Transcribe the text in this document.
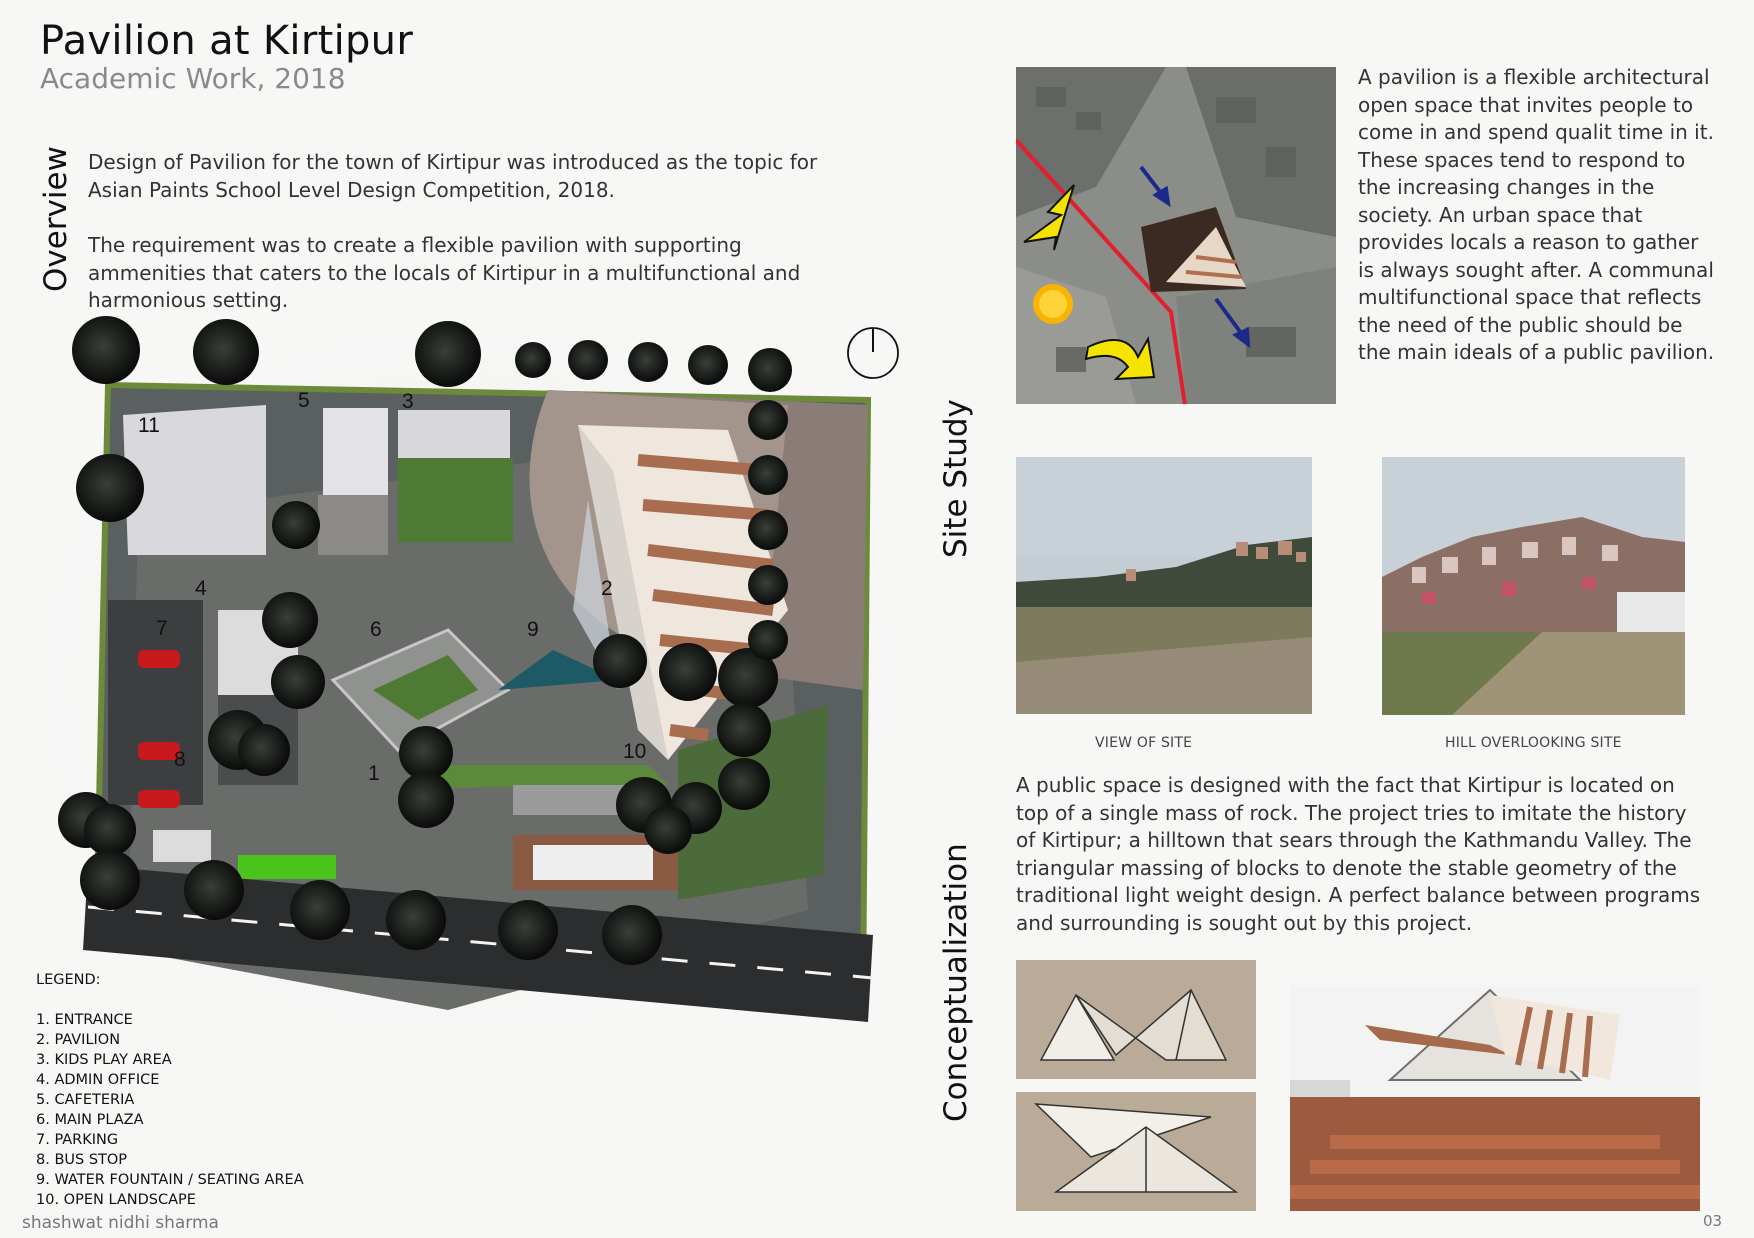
Pavilion at Kirtipur
Academic Work, 2018
Overview
Site Study
Conceptualization
Design of Pavilion for the town of Kirtipur was introduced as the topic for Asian Paints School Level Design Competition, 2018.
The requirement was to create a flexible pavilion with supporting ammenities that caters to the locals of Kirtipur in a multifunctional and harmonious setting.
1
2
3
4
5
6
7
8
9
10
11
LEGEND:
1. ENTRANCE
2. PAVILION
3. KIDS PLAY AREA
4. ADMIN OFFICE
5. CAFETERIA
6. MAIN PLAZA
7. PARKING
8. BUS STOP
9. WATER FOUNTAIN / SEATING AREA
10. OPEN LANDSCAPE
shashwat nidhi sharma	03
A pavilion is a flexible architectural open space that invites people to come in and spend qualit time in it. These spaces tend to respond to the increasing changes in the society. An urban space that provides locals a reason to gather is always sought after. A communal multifunctional space that reflects the need of the public should be the main ideals of a public pavilion.
VIEW OF SITE	HILL OVERLOOKING SITE
A public space is designed with the fact that Kirtipur is located on top of a single mass of rock. The project tries to imitate the history of Kirtipur; a hilltown that sears through the Kathmandu Valley. The triangular massing of blocks to denote the stable geometry of the traditional light weight design. A perfect balance between programs and surrounding is sought out by this project.
